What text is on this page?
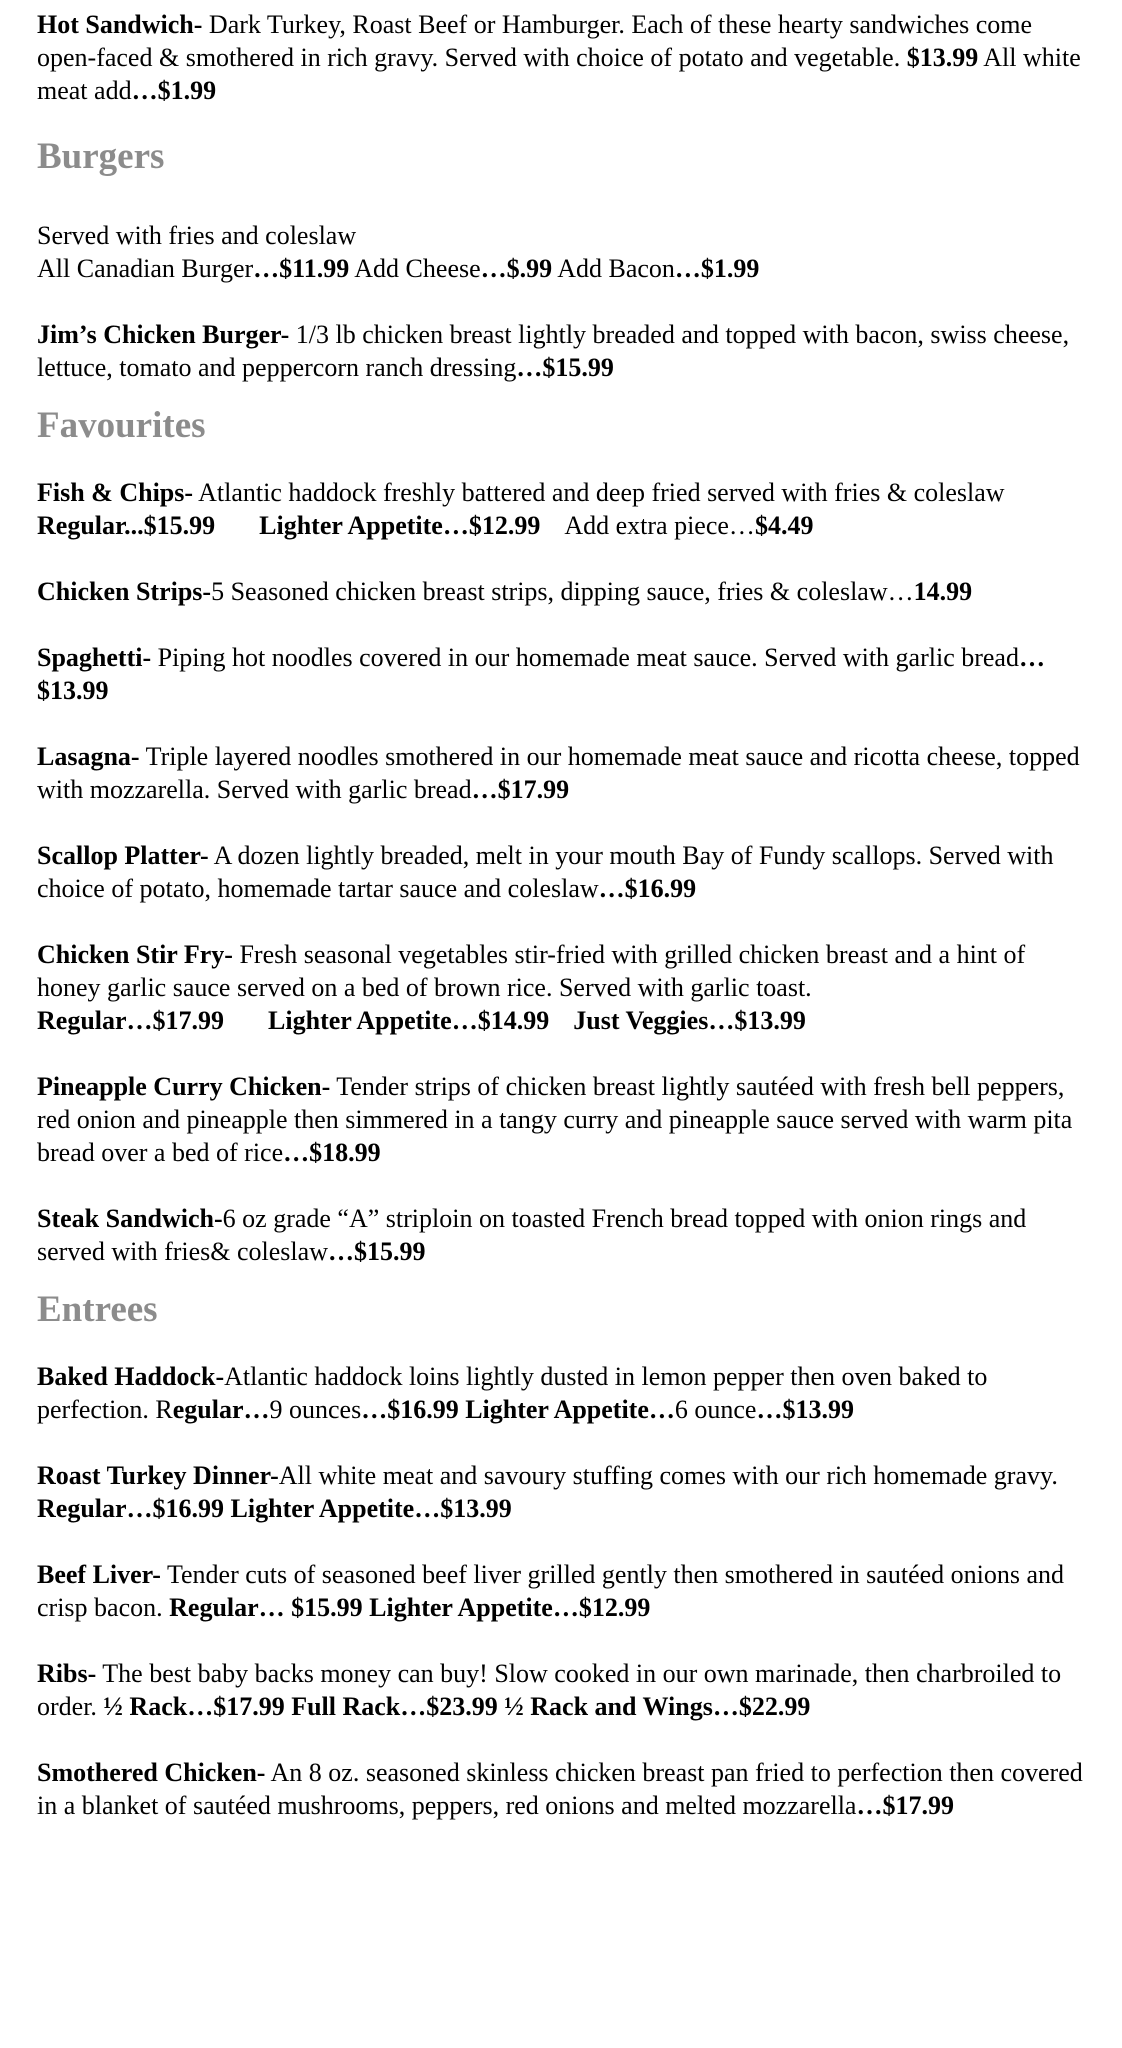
Hot Sandwich- Dark Turkey, Roast Beef or Hamburger. Each of these hearty sandwiches come open-faced & smothered in rich gravy. Served with choice of potato and vegetable. $13.99 All white meat add…$1.99

Burgers

Served with fries and coleslaw
All Canadian Burger…$11.99 Add Cheese…$.99 Add Bacon…$1.99

Jim’s Chicken Burger- 1/3 lb chicken breast lightly breaded and topped with bacon, swiss cheese, lettuce, tomato and peppercorn ranch dressing…$15.99

Favourites

Fish & Chips- Atlantic haddock freshly battered and deep fried served with fries & coleslaw Regular...$15.99 Lighter Appetite…$12.99 Add extra piece…$4.49

Chicken Strips-5 Seasoned chicken breast strips, dipping sauce, fries & coleslaw…14.99

Spaghetti- Piping hot noodles covered in our homemade meat sauce. Served with garlic bread…$13.99

Lasagna- Triple layered noodles smothered in our homemade meat sauce and ricotta cheese, topped with mozzarella. Served with garlic bread…$17.99

Scallop Platter- A dozen lightly breaded, melt in your mouth Bay of Fundy scallops. Served with choice of potato, homemade tartar sauce and coleslaw…$16.99

Chicken Stir Fry- Fresh seasonal vegetables stir-fried with grilled chicken breast and a hint of honey garlic sauce served on a bed of brown rice. Served with garlic toast.
Regular…$17.99 Lighter Appetite…$14.99 Just Veggies…$13.99

Pineapple Curry Chicken- Tender strips of chicken breast lightly sautéed with fresh bell peppers, red onion and pineapple then simmered in a tangy curry and pineapple sauce served with warm pita bread over a bed of rice…$18.99

Steak Sandwich-6 oz grade “A” striploin on toasted French bread topped with onion rings and served with fries& coleslaw…$15.99

Entrees

Baked Haddock-Atlantic haddock loins lightly dusted in lemon pepper then oven baked to perfection. Regular…9 ounces…$16.99 Lighter Appetite…6 ounce…$13.99

Roast Turkey Dinner-All white meat and savoury stuffing comes with our rich homemade gravy. Regular…$16.99 Lighter Appetite…$13.99

Beef Liver- Tender cuts of seasoned beef liver grilled gently then smothered in sautéed onions and crisp bacon. Regular… $15.99 Lighter Appetite…$12.99

Ribs- The best baby backs money can buy! Slow cooked in our own marinade, then charbroiled to order. ½ Rack…$17.99 Full Rack…$23.99 ½ Rack and Wings…$22.99

Smothered Chicken- An 8 oz. seasoned skinless chicken breast pan fried to perfection then covered in a blanket of sautéed mushrooms, peppers, red onions and melted mozzarella…$17.99
